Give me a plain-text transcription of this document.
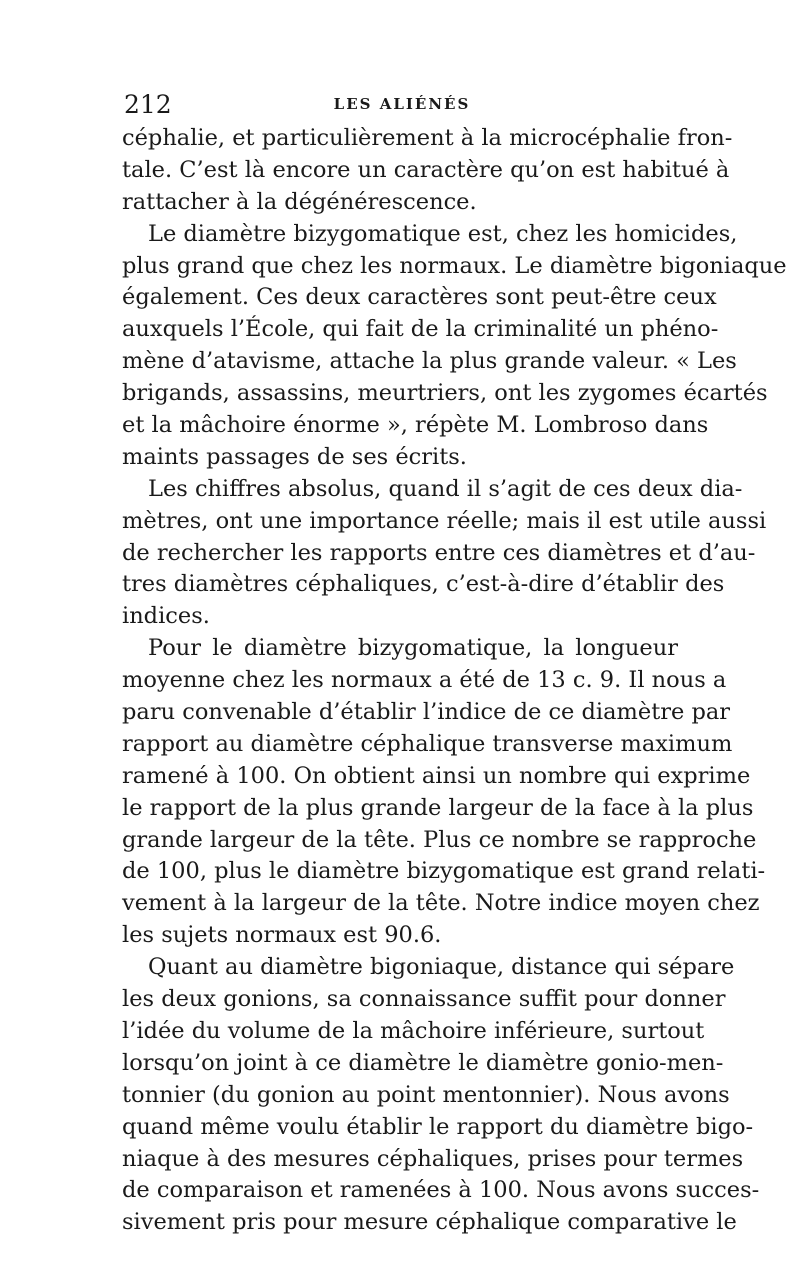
212	LES ALIÉNÉS
céphalie, et particulièrement à la microcéphalie fron-
tale. C’est là encore un caractère qu’on est habitué à
rattacher à la dégénérescence.
Le diamètre bizygomatique est, chez les homicides,
plus grand que chez les normaux. Le diamètre bigoniaque
également. Ces deux caractères sont peut-être ceux
auxquels l’École, qui fait de la criminalité un phéno-
mène d’atavisme, attache la plus grande valeur. « Les
brigands, assassins, meurtriers, ont les zygomes écartés
et la mâchoire énorme », répète M. Lombroso dans
maints passages de ses écrits.
Les chiffres absolus, quand il s’agit de ces deux dia-
mètres, ont une importance réelle; mais il est utile aussi
de rechercher les rapports entre ces diamètres et d’au-
tres diamètres céphaliques, c’est-à-dire d’établir des
indices.
Pour le diamètre bizygomatique, la longueur
moyenne chez les normaux a été de 13 c. 9. Il nous a
paru convenable d’établir l’indice de ce diamètre par
rapport au diamètre céphalique transverse maximum
ramené à 100. On obtient ainsi un nombre qui exprime
le rapport de la plus grande largeur de la face à la plus
grande largeur de la tête. Plus ce nombre se rapproche
de 100, plus le diamètre bizygomatique est grand relati-
vement à la largeur de la tête. Notre indice moyen chez
les sujets normaux est 90.6.
Quant au diamètre bigoniaque, distance qui sépare
les deux gonions, sa connaissance suffit pour donner
l’idée du volume de la mâchoire inférieure, surtout
lorsqu’on joint à ce diamètre le diamètre gonio-men-
tonnier (du gonion au point mentonnier). Nous avons
quand même voulu établir le rapport du diamètre bigo-
niaque à des mesures céphaliques, prises pour termes
de comparaison et ramenées à 100. Nous avons succes-
sivement pris pour mesure céphalique comparative le
